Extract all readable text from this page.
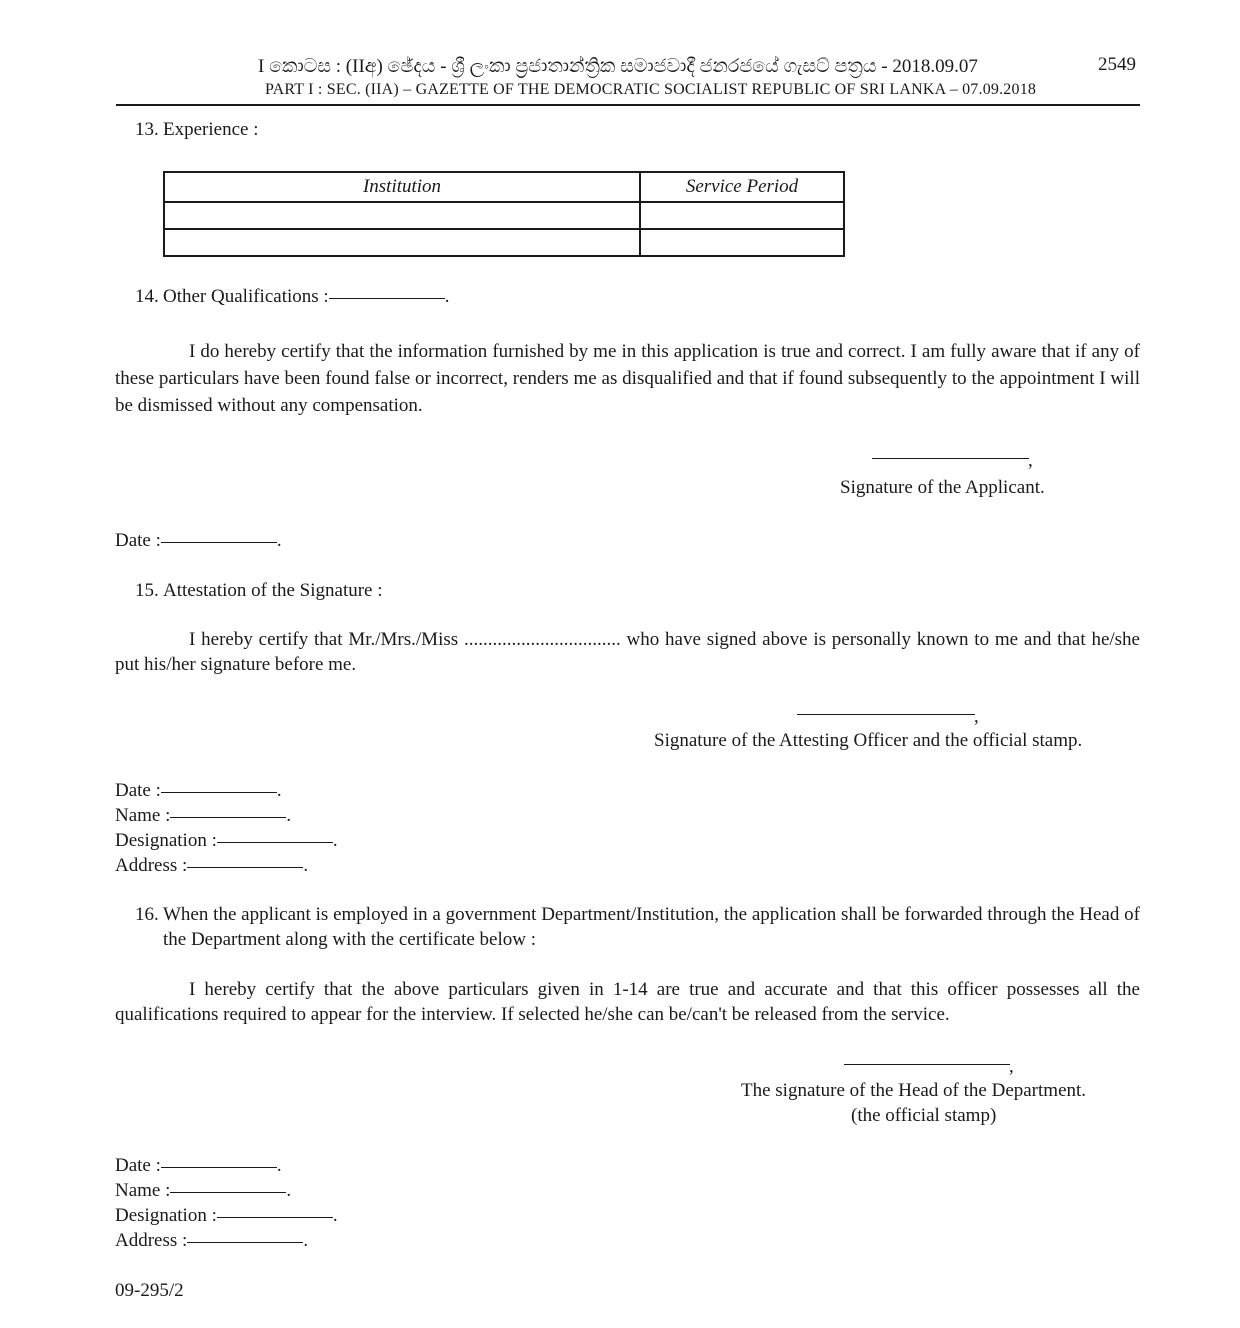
I කොටස : (IIඅ) ඡේදය - ශ්‍රී ලංකා ප්‍රජාතාන්ත්‍රික සමාජවාදී ජනරජයේ ගැසට් පත්‍රය - 2018.09.07	2549
PART I : SEC. (IIA) – GAZETTE OF THE DEMOCRATIC SOCIALIST REPUBLIC OF SRI LANKA – 07.09.2018
13. Experience :
Institution	Service Period

14. Other Qualifications :	.

I do hereby certify that the information furnished by me in this application is true and correct. I am fully aware that if any of these particulars have been found false or incorrect, renders me as disqualified and that if found subsequently to the appointment I will be dismissed without any compensation.

,
Signature of the Applicant.
Date :	.
15. Attestation of the Signature :

I hereby certify that Mr./Mrs./Miss ................................. who have signed above is personally known to me and that he/she put his/her signature before me.

,
Signature of the Attesting Officer and the official stamp.
Date :	.
Name :	.
Designation :	.
Address :	.

16. When the applicant is employed in a government Department/Institution, the application shall be forwarded through the Head of the Department along with the certificate below :

I hereby certify that the above particulars given in 1-14 are true and accurate and that this officer possesses all the qualifications required to appear for the interview. If selected he/she can be/can't be released from the service.

,
The signature of the Head of the Department.
(the official stamp)
Date :	.
Name :	.
Designation :	.
Address :	.
09-295/2
